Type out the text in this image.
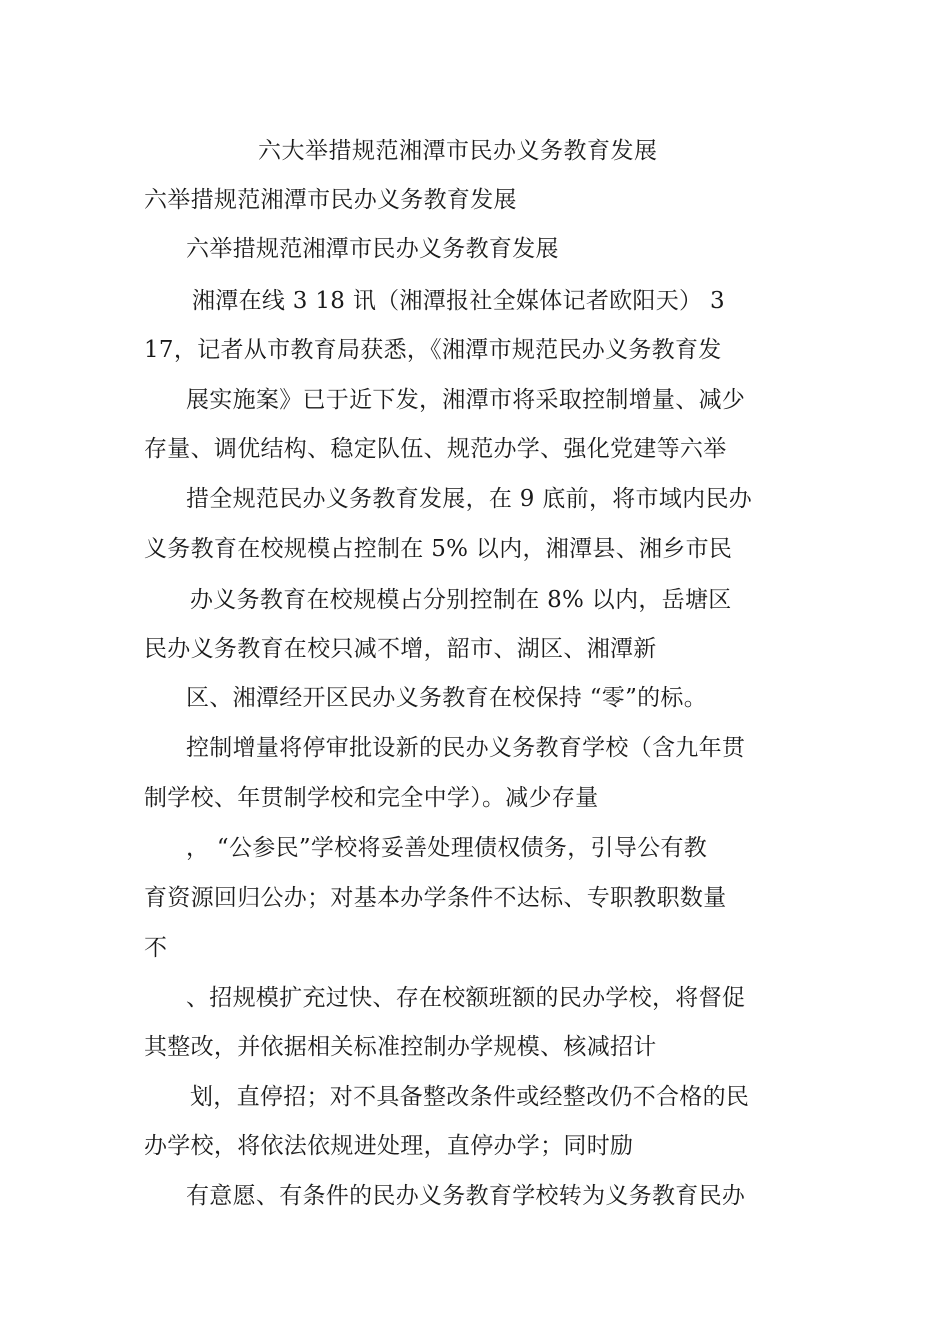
六大举措规范湘潭市民办义务教育发展
六举措规范湘潭市民办义务教育发展
六举措规范湘潭市民办义务教育发展
湘潭在线 3 18 讯（湘潭报社全媒体记者欧阳天） 3
17，记者从市教育局获悉，《湘潭市规范民办义务教育发
展实施案》已于近下发，湘潭市将采取控制增量、减少
存量、调优结构、稳定队伍、规范办学、强化党建等六举
措全规范民办义务教育发展，在 9 底前，将市域内民办
义务教育在校规模占控制在 5% 以内，湘潭县、湘乡市民
办义务教育在校规模占分别控制在 8% 以内，岳塘区
民办义务教育在校只减不增，韶市、湖区、湘潭新
区、湘潭经开区民办义务教育在校保持 “零”的标。
控制增量将停审批设新的民办义务教育学校（含九年贯
制学校、年贯制学校和完全中学）。减少存量
， “公参民”学校将妥善处理债权债务，引导公有教
育资源回归公办；对基本办学条件不达标、专职教职数量
不
、招规模扩充过快、存在校额班额的民办学校，将督促
其整改，并依据相关标准控制办学规模、核减招计
划，直停招；对不具备整改条件或经整改仍不合格的民
办学校，将依法依规进处理，直停办学；同时励
有意愿、有条件的民办义务教育学校转为义务教育民办
